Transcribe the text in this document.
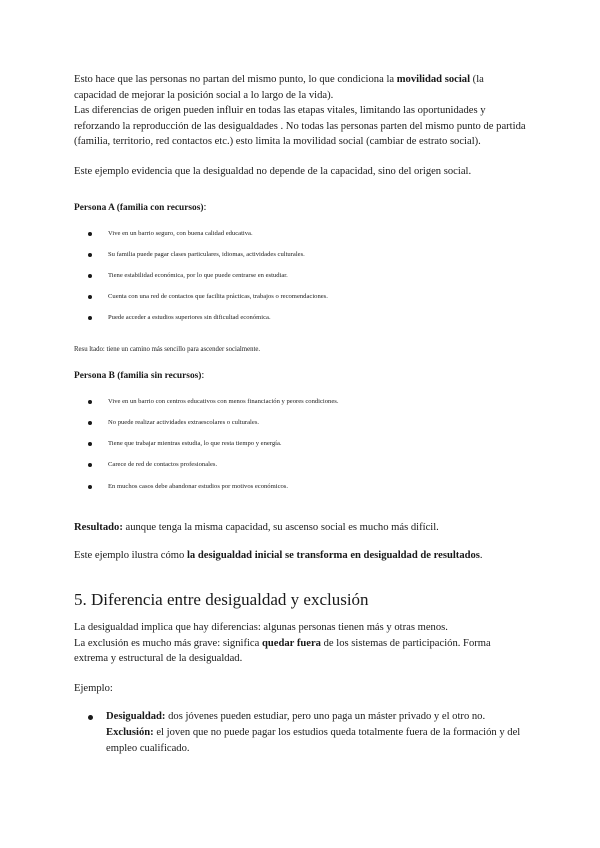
Esto hace que las personas no partan del mismo punto, lo que condiciona la movilidad social (la capacidad de mejorar la posición social a lo largo de la vida).

Las diferencias de origen pueden influir en todas las etapas vitales, limitando las oportunidades y reforzando la reproducción de las desigualdades . No todas las personas parten del mismo punto de partida (familia, territorio, red contactos etc.) esto limita la movilidad social (cambiar de estrato social).

Este ejemplo evidencia que la desigualdad no depende de la capacidad, sino del origen social.

Persona A (familia con recursos):

Vive en un barrio seguro, con buena calidad educativa.
Su familia puede pagar clases particulares, idiomas, actividades culturales.
Tiene estabilidad económica, por lo que puede centrarse en estudiar.
Cuenta con una red de contactos que facilita prácticas, trabajos o recomendaciones.
Puede acceder a estudios superiores sin dificultad económica.

Resu ltado: tiene un camino más sencillo para ascender socialmente.

Persona B (familia sin recursos):

Vive en un barrio con centros educativos con menos financiación y peores condiciones.
No puede realizar actividades extraescolares o culturales.
Tiene que trabajar mientras estudia, lo que resta tiempo y energía.
Carece de red de contactos profesionales.
En muchos casos debe abandonar estudios por motivos económicos.

Resultado: aunque tenga la misma capacidad, su ascenso social es mucho más difícil.

Este ejemplo ilustra cómo la desigualdad inicial se transforma en desigualdad de resultados.

5. Diferencia entre desigualdad y exclusión

La desigualdad implica que hay diferencias: algunas personas tienen más y otras menos.

La exclusión es mucho más grave: significa quedar fuera de los sistemas de participación. Forma extrema y estructural de la desigualdad.

Ejemplo:

Desigualdad: dos jóvenes pueden estudiar, pero uno paga un máster privado y el otro no.
Exclusión: el joven que no puede pagar los estudios queda totalmente fuera de la formación y del empleo cualificado.
